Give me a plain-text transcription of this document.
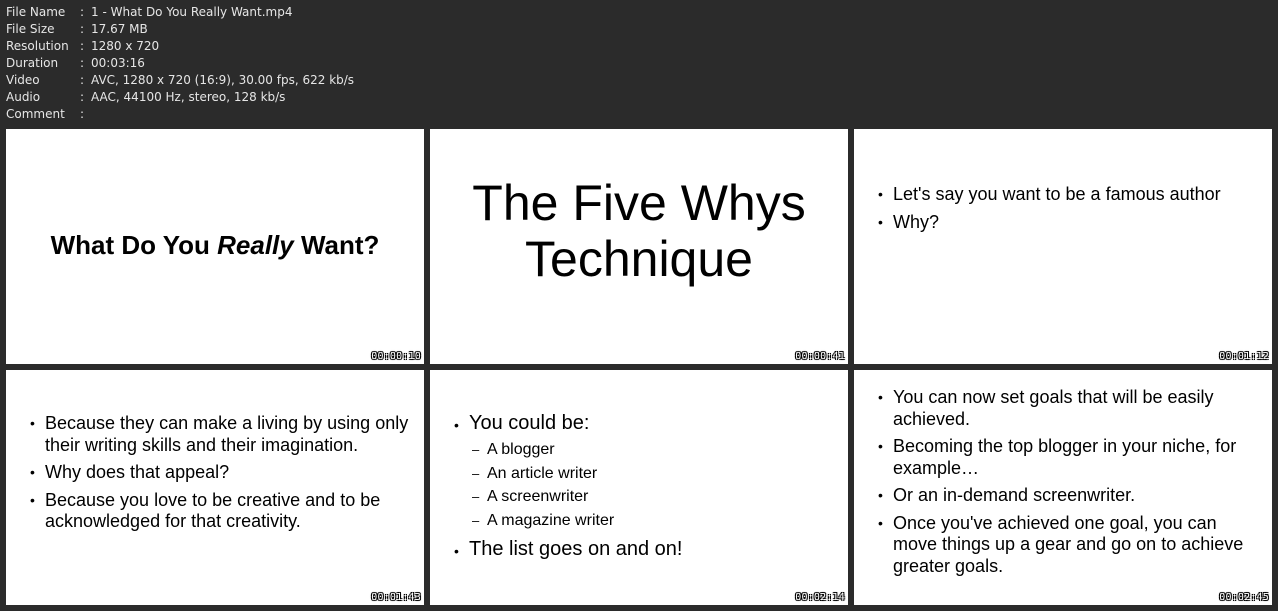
File Name	: 1 - What Do You Really Want.mp4
File Size	: 17.67 MB
Resolution : 1280 x 720
Duration	: 00:03:16
Video	: AVC, 1280 x 720 (16:9), 30.00 fps, 622 kb/s
Audio	: AAC, 44100 Hz, stereo, 128 kb/s
Comment	:
What Do You Really Want?
00:00:10
The Five Whys
Technique
00:00:41
• Let's say you want to be a famous author
• Why?
00:01:12
• Because they can make a living by using only their writing skills and their imagination.
• Why does that appeal?
• Because you love to be creative and to be acknowledged for that creativity.
00:01:43
• You could be:
– A blogger
– An article writer
– A screenwriter
– A magazine writer
• The list goes on and on!
00:02:14
• You can now set goals that will be easily achieved.
• Becoming the top blogger in your niche, for example…
• Or an in-demand screenwriter.
• Once you've achieved one goal, you can move things up a gear and go on to achieve greater goals.
00:02:45
